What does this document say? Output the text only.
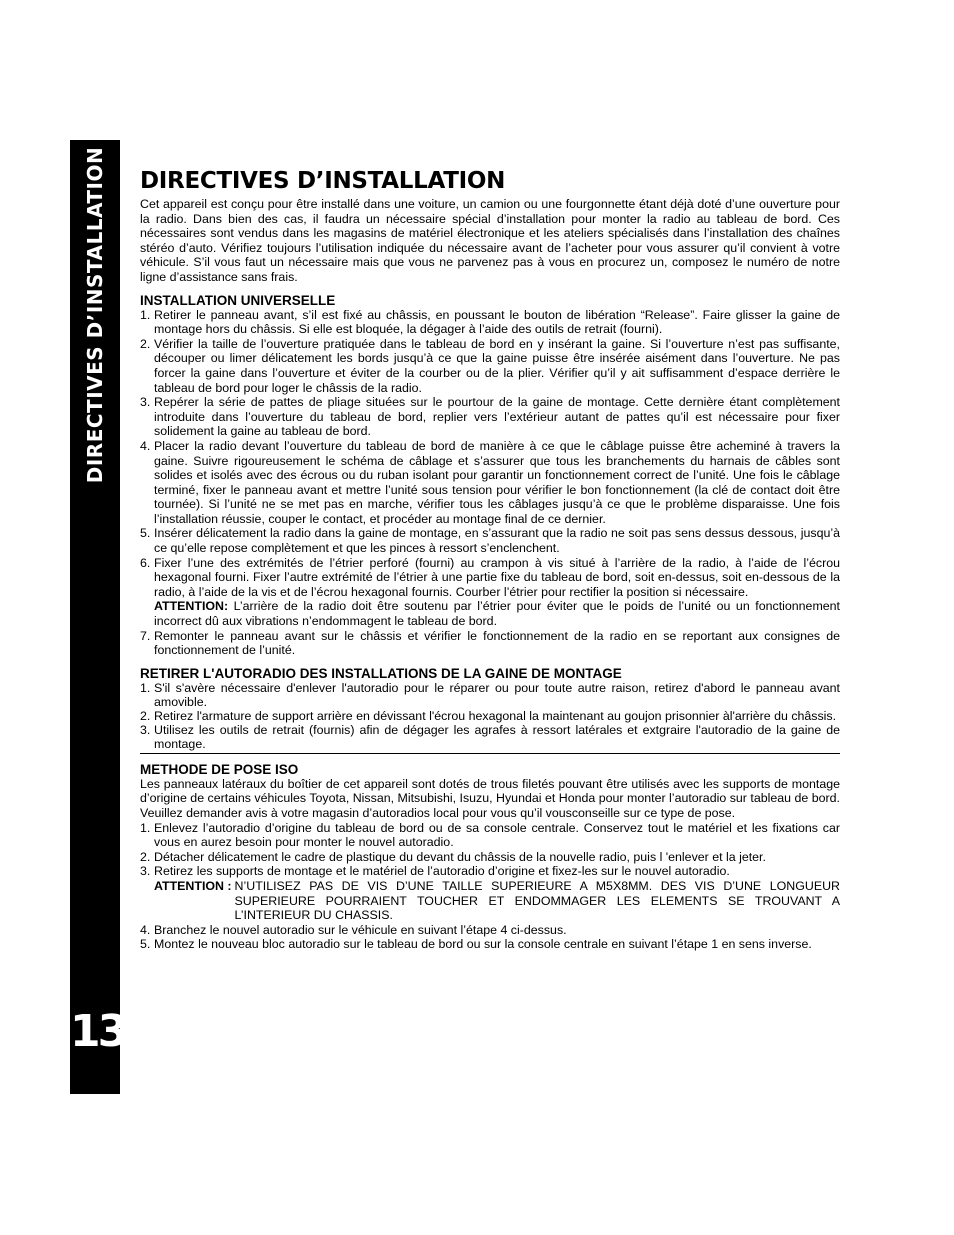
DIRECTIVES D’INSTALLATION
13
DIRECTIVES D’INSTALLATION

Cet appareil est conçu pour être installé dans une voiture, un camion ou une fourgonnette étant déjà doté d’une ouverture pour la radio. Dans bien des cas, il faudra un nécessaire spécial d’installation pour monter la radio au tableau de bord. Ces nécessaires sont vendus dans les magasins de matériel électronique et les ateliers spécialisés dans l’installation des chaînes stéréo d’auto. Vérifiez toujours l’utilisation indiquée du nécessaire avant de l’acheter pour vous assurer qu’il convient à votre véhicule. S’il vous faut un nécessaire mais que vous ne parvenez pas à vous en procurez un, composez le numéro de notre ligne d’assistance sans frais.

INSTALLATION UNIVERSELLE
1. Retirer le panneau avant, s’il est fixé au châssis, en poussant le bouton de libération “Release”. Faire glisser la gaine de montage hors du châssis. Si elle est bloquée, la dégager à l’aide des outils de retrait (fourni).
2. Vérifier la taille de l’ouverture pratiquée dans le tableau de bord en y insérant la gaine. Si l’ouverture n’est pas suffisante, découper ou limer délicatement les bords jusqu’à ce que la gaine puisse être insérée aisément dans l’ouverture. Ne pas forcer la gaine dans l’ouverture et éviter de la courber ou de la plier. Vérifier qu’il y ait suffisamment d’espace derrière le tableau de bord pour loger le châssis de la radio.
3. Repérer la série de pattes de pliage situées sur le pourtour de la gaine de montage. Cette dernière étant complètement introduite dans l’ouverture du tableau de bord, replier vers l’extérieur autant de pattes qu’il est nécessaire pour fixer solidement la gaine au tableau de bord.
4. Placer la radio devant l’ouverture du tableau de bord de manière à ce que le câblage puisse être acheminé à travers la gaine. Suivre rigoureusement le schéma de câblage et s’assurer que tous les branchements du harnais de câbles sont solides et isolés avec des écrous ou du ruban isolant pour garantir un fonctionnement correct de l’unité. Une fois le câblage terminé, fixer le panneau avant et mettre l’unité sous tension pour vérifier le bon fonctionnement (la clé de contact doit être tournée). Si l’unité ne se met pas en marche, vérifier tous les câblages jusqu’à ce que le problème disparaisse. Une fois l’installation réussie, couper le contact, et procéder au montage final de ce dernier.
5. Insérer délicatement la radio dans la gaine de montage, en s’assurant que la radio ne soit pas sens dessus dessous, jusqu’à ce qu’elle repose complètement et que les pinces à ressort s’enclenchent.
6. Fixer l’une des extrémités de l’étrier perforé (fourni) au crampon à vis situé à l’arrière de la radio, à l’aide de l’écrou hexagonal fourni. Fixer l’autre extrémité de l’étrier à une partie fixe du tableau de bord, soit en-dessus, soit en-dessous de la radio, à l’aide de la vis et de l’écrou hexagonal fournis. Courber l’étrier pour rectifier la position si nécessaire.

ATTENTION: L’arrière de la radio doit être soutenu par l’étrier pour éviter que le poids de l’unité ou un fonctionnement incorrect dû aux vibrations n’endommagent le tableau de bord.

7. Remonter le panneau avant sur le châssis et vérifier le fonctionnement de la radio en se reportant aux consignes de fonctionnement de l’unité.
RETIRER L'AUTORADIO DES INSTALLATIONS DE LA GAINE DE MONTAGE
1. S'il s'avère nécessaire d'enlever l'autoradio pour le réparer ou pour toute autre raison, retirez d'abord le panneau avant amovible.
2. Retirez l'armature de support arrière en dévissant l'écrou hexagonal la maintenant au goujon prisonnier àl'arrière du châssis.
3. Utilisez les outils de retrait (fournis) afin de dégager les agrafes à ressort latérales et extgraire l'autoradio de la gaine de montage.
METHODE DE POSE ISO

Les panneaux latéraux du boîtier de cet appareil sont dotés de trous filetés pouvant être utilisés avec les supports de montage d’origine de certains véhicules Toyota, Nissan, Mitsubishi, Isuzu, Hyundai et Honda pour monter l’autoradio sur tableau de bord. Veuillez demander avis à votre magasin d’autoradios local pour vous qu’il vousconseille sur ce type de pose.

1. Enlevez l’autoradio d’origine du tableau de bord ou de sa console centrale. Conservez tout le matériel et les fixations car vous en aurez besoin pour monter le nouvel autoradio.
2. Détacher délicatement le cadre de plastique du devant du châssis de la nouvelle radio, puis l 'enlever et la jeter.
3. Retirez les supports de montage et le matériel de l’autoradio d’origine et fixez-les sur le nouvel autoradio.
ATTENTION : N’UTILISEZ PAS DE VIS D’UNE TAILLE SUPERIEURE A M5X8MM. DES VIS D’UNE LONGUEUR SUPERIEURE POURRAIENT TOUCHER ET ENDOMMAGER LES ELEMENTS SE TROUVANT A L’INTERIEUR DU CHASSIS.
4. Branchez le nouvel autoradio sur le véhicule en suivant l’étape 4 ci-dessus.
5. Montez le nouveau bloc autoradio sur le tableau de bord ou sur la console centrale en suivant l’étape 1 en sens inverse.
